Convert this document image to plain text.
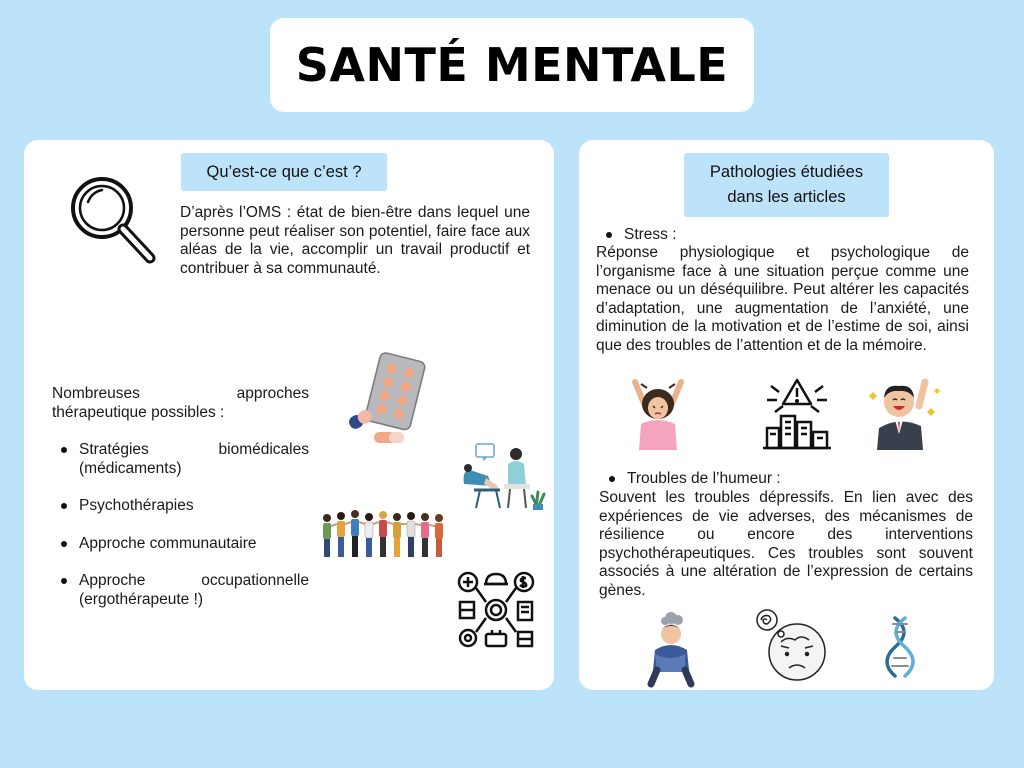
SANTÉ MENTALE
Qu’est-ce que c’est ?

D’après l’OMS : état de bien-être dans lequel une personne peut réaliser son potentiel, faire face aux aléas de la vie, accomplir un travail productif et contribuer à sa communauté.

Nombreuses approches thérapeutique possibles :

Stratégies biomédicales (médicaments)
Psychothérapies
Approche communautaire
Approche occupationnelle (ergothérapeute !)
Pathologies étudiées
dans les articles
Stress :

Réponse physiologique et psychologique de l’organisme face à une situation perçue comme une menace ou un déséquilibre. Peut altérer les capacités d’adaptation, une augmentation de l’anxiété, une diminution de la motivation et de l’estime de soi, ainsi que des troubles de l’attention et de la mémoire.

Troubles de l’humeur :

Souvent les troubles dépressifs. En lien avec des expériences de vie adverses, des mécanismes de résilience ou encore des interventions psychothérapeutiques. Ces troubles sont souvent associés à une altération de l’expression de certains gènes.
